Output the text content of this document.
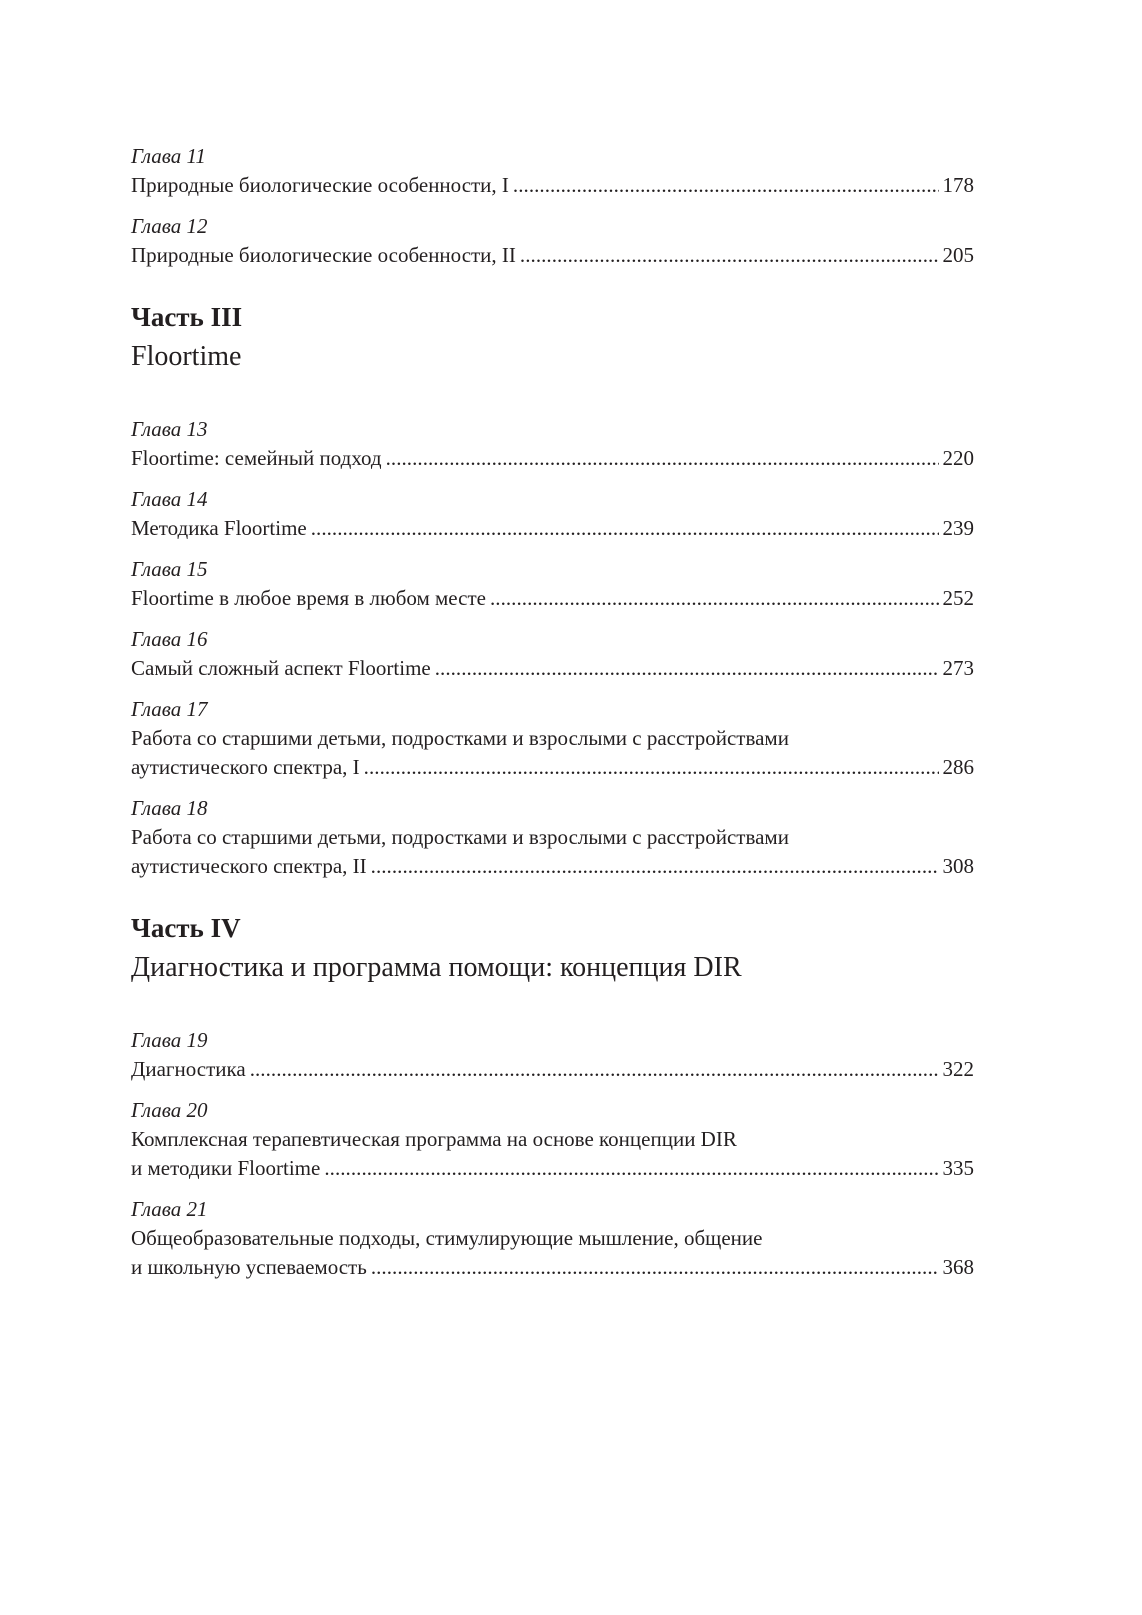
Глава 11
Природные биологические особенности, I . . .	178
Глава 12
Природные биологические особенности, II . . .	205
Часть III
Floortime
Глава 13
Floortime: семейный подход . . .	220
Глава 14
Методика Floortime . . .	239
Глава 15
Floortime в любое время в любом месте . . .	252
Глава 16
Самый сложный аспект Floortime . . .	273
Глава 17
Работа со старшими детьми, подростками и взрослыми с расстройствами
аутистического спектра, I . . .	286
Глава 18
Работа со старшими детьми, подростками и взрослыми с расстройствами
аутистического спектра, II . . .	308
Часть IV
Диагностика и программа помощи: концепция DIR
Глава 19
Диагностика . . .	322
Глава 20
Комплексная терапевтическая программа на основе концепции DIR
и методики Floortime . . .	335
Глава 21
Общеобразовательные подходы, стимулирующие мышление, общение
и школьную успеваемость . . .	368
